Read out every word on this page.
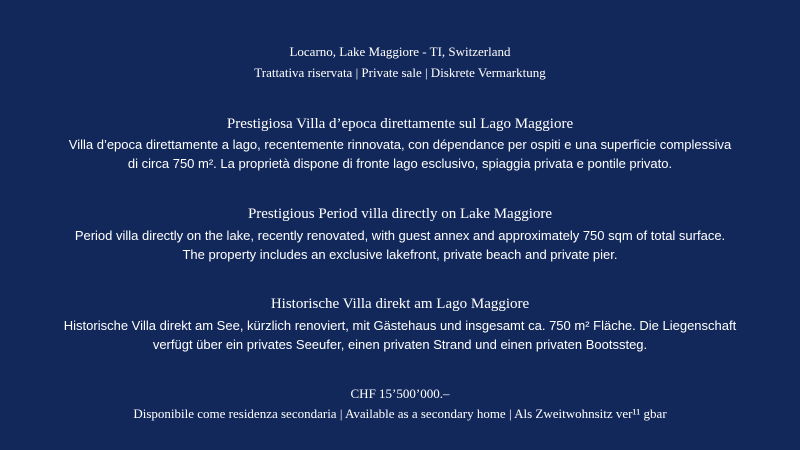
Locarno, Lake Maggiore - TI, Switzerland
Trattativa riservata | Private sale | Diskrete Vermarktung
Prestigiosa Villa d’epoca direttamente sul Lago Maggiore
Villa d’epoca direttamente a lago, recentemente rinnovata, con dépendance per ospiti e una superficie complessiva
di circa 750 m². La proprietà dispone di fronte lago esclusivo, spiaggia privata e pontile privato.
Prestigious Period villa directly on Lake Maggiore
Period villa directly on the lake, recently renovated, with guest annex and approximately 750 sqm of total surface.
The property includes an exclusive lakefront, private beach and private pier.
Historische Villa direkt am Lago Maggiore
Historische Villa direkt am See, kürzlich renoviert, mit Gästehaus und insgesamt ca. 750 m² Fläche. Die Liegenschaft
verfügt über ein privates Seeufer, einen privaten Strand und einen privaten Bootssteg.
CHF 15’500’000.–
Disponibile come residenza secondaria | Available as a secondary home | Als Zweitwohnsitz ver¹¹ gbar
